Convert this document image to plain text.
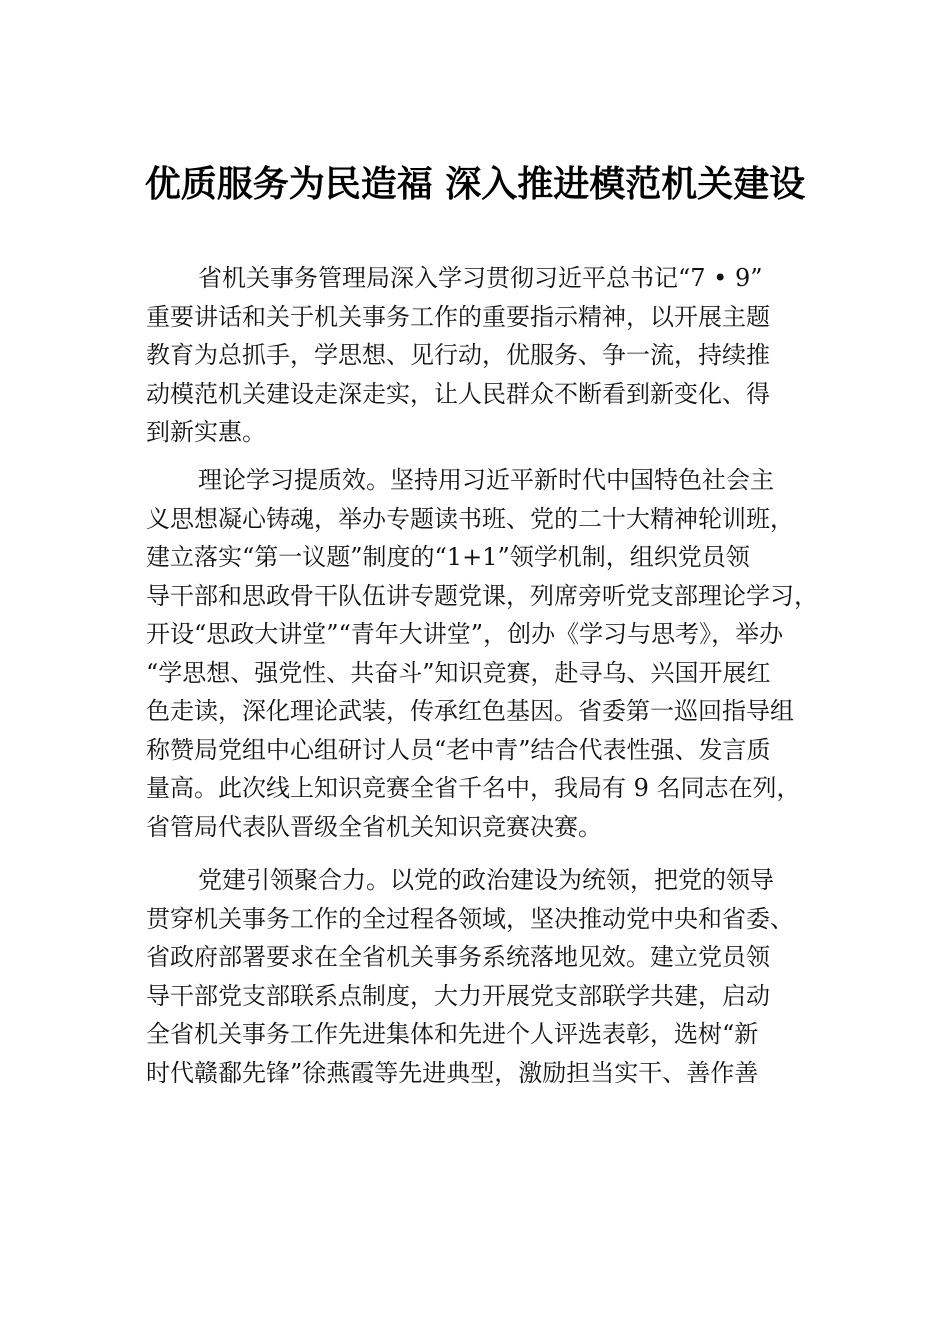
优质服务为民造福 深入推进模范机关建设
省机关事务管理局深入学习贯彻习近平总书记“7 • 9”
重要讲话和关于机关事务工作的重要指示精神，以开展主题
教育为总抓手，学思想、见行动，优服务、争一流，持续推
动模范机关建设走深走实，让人民群众不断看到新变化、得
到新实惠。
理论学习提质效。坚持用习近平新时代中国特色社会主
义思想凝心铸魂，举办专题读书班、党的二十大精神轮训班，
建立落实“第一议题”制度的“1+1”领学机制，组织党员领
导干部和思政骨干队伍讲专题党课，列席旁听党支部理论学习，
开设“思政大讲堂”“青年大讲堂”，创办《学习与思考》，举办
“学思想、强党性、共奋斗”知识竞赛，赴寻乌、兴国开展红
色走读，深化理论武装，传承红色基因。省委第一巡回指导组
称赞局党组中心组研讨人员“老中青”结合代表性强、发言质
量高。此次线上知识竞赛全省千名中，我局有 9 名同志在列，
省管局代表队晋级全省机关知识竞赛决赛。
党建引领聚合力。以党的政治建设为统领，把党的领导
贯穿机关事务工作的全过程各领域，坚决推动党中央和省委、
省政府部署要求在全省机关事务系统落地见效。建立党员领
导干部党支部联系点制度，大力开展党支部联学共建，启动
全省机关事务工作先进集体和先进个人评选表彰，选树“新
时代赣鄱先锋”徐燕霞等先进典型，激励担当实干、善作善
